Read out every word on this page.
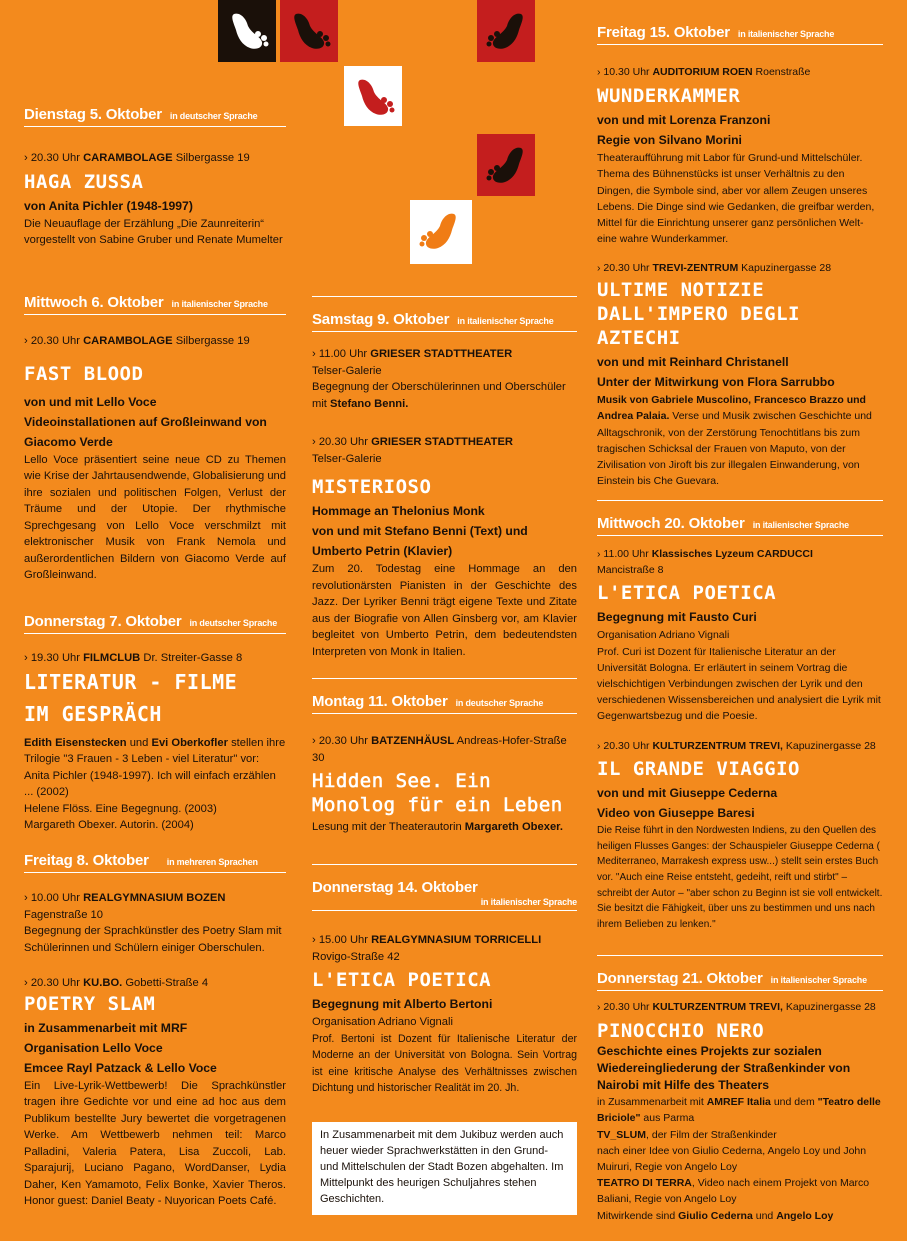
Dienstag 5. Oktober in deutscher Sprache
› 20.30 Uhr CARAMBOLAGE Silbergasse 19
HAGA ZUSSA
von Anita Pichler (1948-1997)
Die Neuauflage der Erzählung „Die Zaunreiterin“ vorgestellt von Sabine Gruber und Renate Mumelter
Mittwoch 6. Oktober in italienischer Sprache
› 20.30 Uhr CARAMBOLAGE Silbergasse 19
FAST BLOOD
von und mit Lello Voce
Videoinstallationen auf Großleinwand von Giacomo Verde
Lello Voce präsentiert seine neue CD zu Themen wie Krise der Jahrtausendwende, Globalisierung und ihre sozialen und politischen Folgen, Verlust der Träume und der Utopie. Der rhythmische Sprechgesang von Lello Voce verschmilzt mit elektronischer Musik von Frank Nemola und außerordentlichen Bildern von Giacomo Verde auf Großleinwand.
Donnerstag 7. Oktober in deutscher Sprache
› 19.30 Uhr FILMCLUB Dr. Streiter-Gasse 8
LITERATUR - FILME
IM GESPRÄCH
Edith Eisenstecken und Evi Oberkofler stellen ihre Trilogie "3 Frauen - 3 Leben - viel Literatur" vor:
Anita Pichler (1948-1997). Ich will einfach erzählen ... (2002)
Helene Flöss. Eine Begegnung. (2003)
Margareth Obexer. Autorin. (2004)
Freitag 8. Oktober in mehreren Sprachen
› 10.00 Uhr REALGYMNASIUM BOZEN
Fagenstraße 10
Begegnung der Sprachkünstler des Poetry Slam mit Schülerinnen und Schülern einiger Oberschulen.
› 20.30 Uhr KU.BO. Gobetti-Straße 4
POETRY SLAM
in Zusammenarbeit mit MRF
Organisation Lello Voce
Emcee Rayl Patzack & Lello Voce
Ein Live-Lyrik-Wettbewerb! Die Sprachkünstler tragen ihre Gedichte vor und eine ad hoc aus dem Publikum bestellte Jury bewertet die vorgetragenen Werke. Am Wettbewerb nehmen teil: Marco Palladini, Valeria Patera, Lisa Zuccoli, Lab. Sparajurij, Luciano Pagano, WordDanser, Lydia Daher, Ken Yamamoto, Felix Bonke, Xavier Theros. Honor guest: Daniel Beaty - Nuyorican Poets Café.
Samstag 9. Oktober in italienischer Sprache
› 11.00 Uhr GRIESER STADTTHEATER
Telser-Galerie
Begegnung der Oberschülerinnen und Oberschüler mit Stefano Benni.
› 20.30 Uhr GRIESER STADTTHEATER
Telser-Galerie
MISTERIOSO
Hommage an Thelonius Monk
von und mit Stefano Benni (Text) und Umberto Petrin (Klavier)
Zum 20. Todestag eine Hommage an den revolutionärsten Pianisten in der Geschichte des Jazz. Der Lyriker Benni trägt eigene Texte und Zitate aus der Biografie von Allen Ginsberg vor, am Klavier begleitet von Umberto Petrin, dem bedeutendsten Interpreten von Monk in Italien.
Montag 11. Oktober in deutscher Sprache
› 20.30 Uhr BATZENHÄUSL Andreas-Hofer-Straße 30
Hidden See. Ein Monolog für ein Leben
Lesung mit der Theaterautorin Margareth Obexer.
Donnerstag 14. Oktober
in italienischer Sprache
› 15.00 Uhr REALGYMNASIUM TORRICELLI
Rovigo-Straße 42
L'ETICA POETICA
Begegnung mit Alberto Bertoni
Organisation Adriano Vignali
Prof. Bertoni ist Dozent für Italienische Literatur der Moderne an der Universität von Bologna. Sein Vortrag ist eine kritische Analyse des Verhältnisses zwischen Dichtung und historischer Realität im 20. Jh.
In Zusammenarbeit mit dem Jukibuz werden auch heuer wieder Sprachwerkstätten in den Grund- und Mittelschulen der Stadt Bozen abgehalten. Im Mittelpunkt des heurigen Schuljahres stehen Geschichten.
Freitag 15. Oktober in italienischer Sprache
› 10.30 Uhr AUDITORIUM ROEN Roenstraße
WUNDERKAMMER
von und mit Lorenza Franzoni
Regie von Silvano Morini
Theateraufführung mit Labor für Grund-und Mittelschüler. Thema des Bühnenstücks ist unser Verhältnis zu den Dingen, die Symbole sind, aber vor allem Zeugen unseres Lebens. Die Dinge sind wie Gedanken, die greifbar werden, Mittel für die Einrichtung unserer ganz persönlichen Welt-eine wahre Wunderkammer.
› 20.30 Uhr TREVI-ZENTRUM Kapuzinergasse 28
ULTIME NOTIZIE DALL'IMPERO DEGLI AZTECHI
von und mit Reinhard Christanell
Unter der Mitwirkung von Flora Sarrubbo
Musik von Gabriele Muscolino, Francesco Brazzo und Andrea Palaia. Verse und Musik zwischen Geschichte und Alltagschronik, von der Zerstörung Tenochtitlans bis zum tragischen Schicksal der Frauen von Maputo, von der Zivilisation von Jiroft bis zur illegalen Einwanderung, von Einstein bis Che Guevara.
Mittwoch 20. Oktober in italienischer Sprache
› 11.00 Uhr Klassisches Lyzeum CARDUCCI
Mancistraße 8
L'ETICA POETICA
Begegnung mit Fausto Curi
Organisation Adriano Vignali
Prof. Curi ist Dozent für Italienische Literatur an der Universität Bologna. Er erläutert in seinem Vortrag die vielschichtigen Verbindungen zwischen der Lyrik und den verschiedenen Wissensbereichen und analysiert die Lyrik mit Gegenwartsbezug und die Poesie.
› 20.30 Uhr KULTURZENTRUM TREVI, Kapuzinergasse 28
IL GRANDE VIAGGIO
von und mit Giuseppe Cederna
Video von Giuseppe Baresi
Die Reise führt in den Nordwesten Indiens, zu den Quellen des heiligen Flusses Ganges: der Schauspieler Giuseppe Cederna ( Mediterraneo, Marrakesh express usw...) stellt sein erstes Buch vor. "Auch eine Reise entsteht, gedeiht, reift und stirbt" – schreibt der Autor – "aber schon zu Beginn ist sie voll entwickelt. Sie besitzt die Fähigkeit, über uns zu bestimmen und uns nach ihrem Belieben zu lenken."
Donnerstag 21. Oktober in italienischer Sprache
› 20.30 Uhr KULTURZENTRUM TREVI, Kapuzinergasse 28
PINOCCHIO NERO
Geschichte eines Projekts zur sozialen Wiedereingliederung der Straßenkinder von Nairobi mit Hilfe des Theaters
in Zusammenarbeit mit AMREF Italia und dem "Teatro delle Briciole" aus Parma
TV_SLUM, der Film der Straßenkinder
nach einer Idee von Giulio Cederna, Angelo Loy und John Muiruri, Regie von Angelo Loy
TEATRO DI TERRA, Video nach einem Projekt von Marco Baliani, Regie von Angelo Loy
Mitwirkende sind Giulio Cederna und Angelo Loy
